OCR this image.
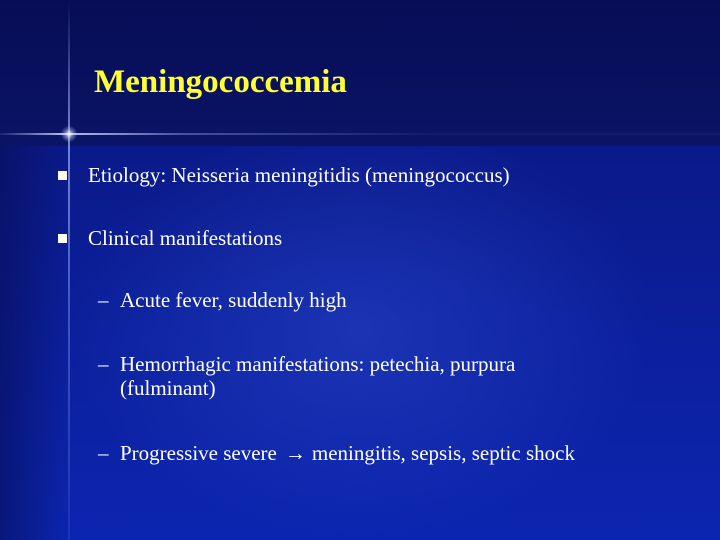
Meningococcemia
Etiology: Neisseria meningitidis (meningococcus)
Clinical manifestations
– Acute fever, suddenly high
– Hemorrhagic manifestations: petechia, purpura (fulminant)
– Progressive severe → meningitis, sepsis, septic shock
